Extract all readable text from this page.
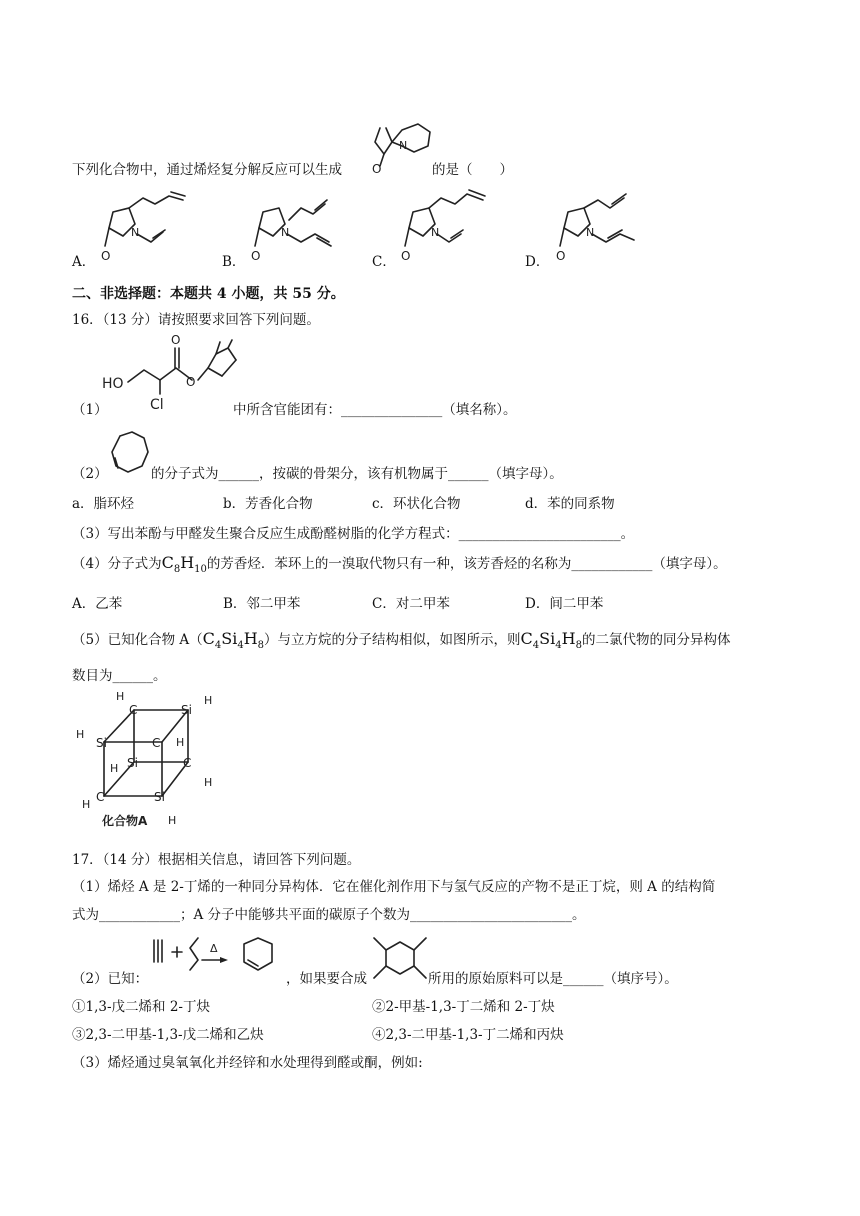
下列化合物中，通过烯烃复分解反应可以生成	O
N
的是（　　）
A． O
N
B． O
N
C． O
N
D． O
N
二、非选择题：本题共 4 小题，共 55 分。
16．（13 分）请按照要求回答下列问题。
（1）
HO
Cl
O
O
中所含官能团有：_______________（填名称）。
（2）	的分子式为______，按碳的骨架分，该有机物属于______（填字母）。
a．脂环烃	b．芳香化合物	c．环状化合物	d．苯的同系物
（3）写出苯酚与甲醛发生聚合反应生成酚醛树脂的化学方程式：________________________。
（4）分子式为$C_8H_{10}$的芳香烃．苯环上的一溴取代物只有一种，该芳香烃的名称为____________（填字母）。
A．乙苯	B．邻二甲苯	C．对二甲苯	D．间二甲苯
（5）已知化合物 $A(C_4Si_4H_8)$与立方烷的分子结构相似，如图所示，则$C_4Si_4H_8$的二氯代物的同分异构体
数目为______。
C	Si
Si	C
Si	C
C	Si
H	H
H
H
H
H
H
H
化合物A
17．（14 分）根据相关信息，请回答下列问题。
（1）烯烃 A 是 2-丁烯的一种同分异构体．它在催化剂作用下与氢气反应的产物不是正丁烷，则 A 的结构简
式为____________；A 分子中能够共平面的碳原子个数为________________________。
（2）已知：
Δ
，如果要合成	所用的原始原料可以是______（填序号）。
①1,3-戊二烯和 2-丁炔	②2-甲基-1,3-丁二烯和 2-丁炔
③2,3-二甲基-1,3-戊二烯和乙炔	④2,3-二甲基-1,3-丁二烯和丙炔
（3）烯烃通过臭氧氧化并经锌和水处理得到醛或酮，例如:
